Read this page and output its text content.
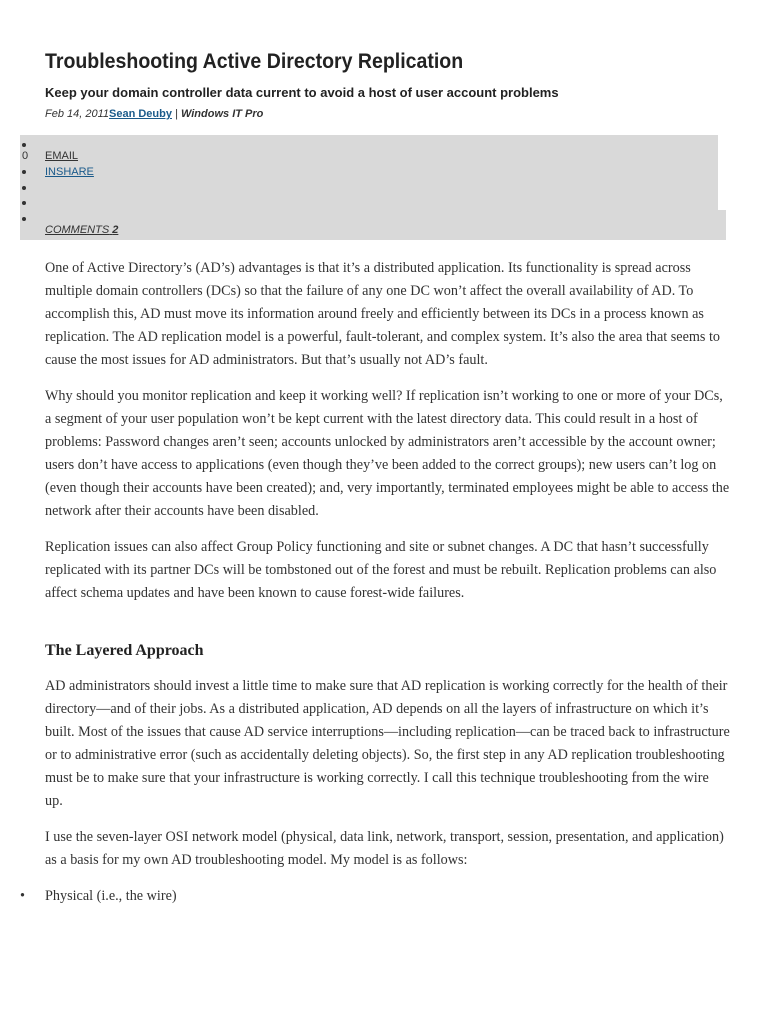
Troubleshooting Active Directory Replication
Keep your domain controller data current to avoid a host of user account problems
Feb 14, 2011Sean Deuby | Windows IT Pro
0 EMAIL
INSHARE
COMMENTS 2

One of Active Directory’s (AD’s) advantages is that it’s a distributed application. Its functionality is spread across multiple domain controllers (DCs) so that the failure of any one DC won’t affect the overall availability of AD. To accomplish this, AD must move its information around freely and efficiently between its DCs in a process known as replication. The AD replication model is a powerful, fault-tolerant, and complex system. It’s also the area that seems to cause the most issues for AD administrators. But that’s usually not AD’s fault.

Why should you monitor replication and keep it working well? If replication isn’t working to one or more of your DCs, a segment of your user population won’t be kept current with the latest directory data. This could result in a host of problems: Password changes aren’t seen; accounts unlocked by administrators aren’t accessible by the account owner; users don’t have access to applications (even though they’ve been added to the correct groups); new users can’t log on (even though their accounts have been created); and, very importantly, terminated employees might be able to access the network after their accounts have been disabled.

Replication issues can also affect Group Policy functioning and site or subnet changes. A DC that hasn’t successfully replicated with its partner DCs will be tombstoned out of the forest and must be rebuilt. Replication problems can also affect schema updates and have been known to cause forest-wide failures.

The Layered Approach

AD administrators should invest a little time to make sure that AD replication is working correctly for the health of their directory—and of their jobs. As a distributed application, AD depends on all the layers of infrastructure on which it’s built. Most of the issues that cause AD service interruptions—including replication—can be traced back to infrastructure or to administrative error (such as accidentally deleting objects). So, the first step in any AD replication troubleshooting must be to make sure that your infrastructure is working correctly. I call this technique troubleshooting from the wire up.

I use the seven-layer OSI network model (physical, data link, network, transport, session, presentation, and application) as a basis for my own AD troubleshooting model. My model is as follows:

• Physical (i.e., the wire)
